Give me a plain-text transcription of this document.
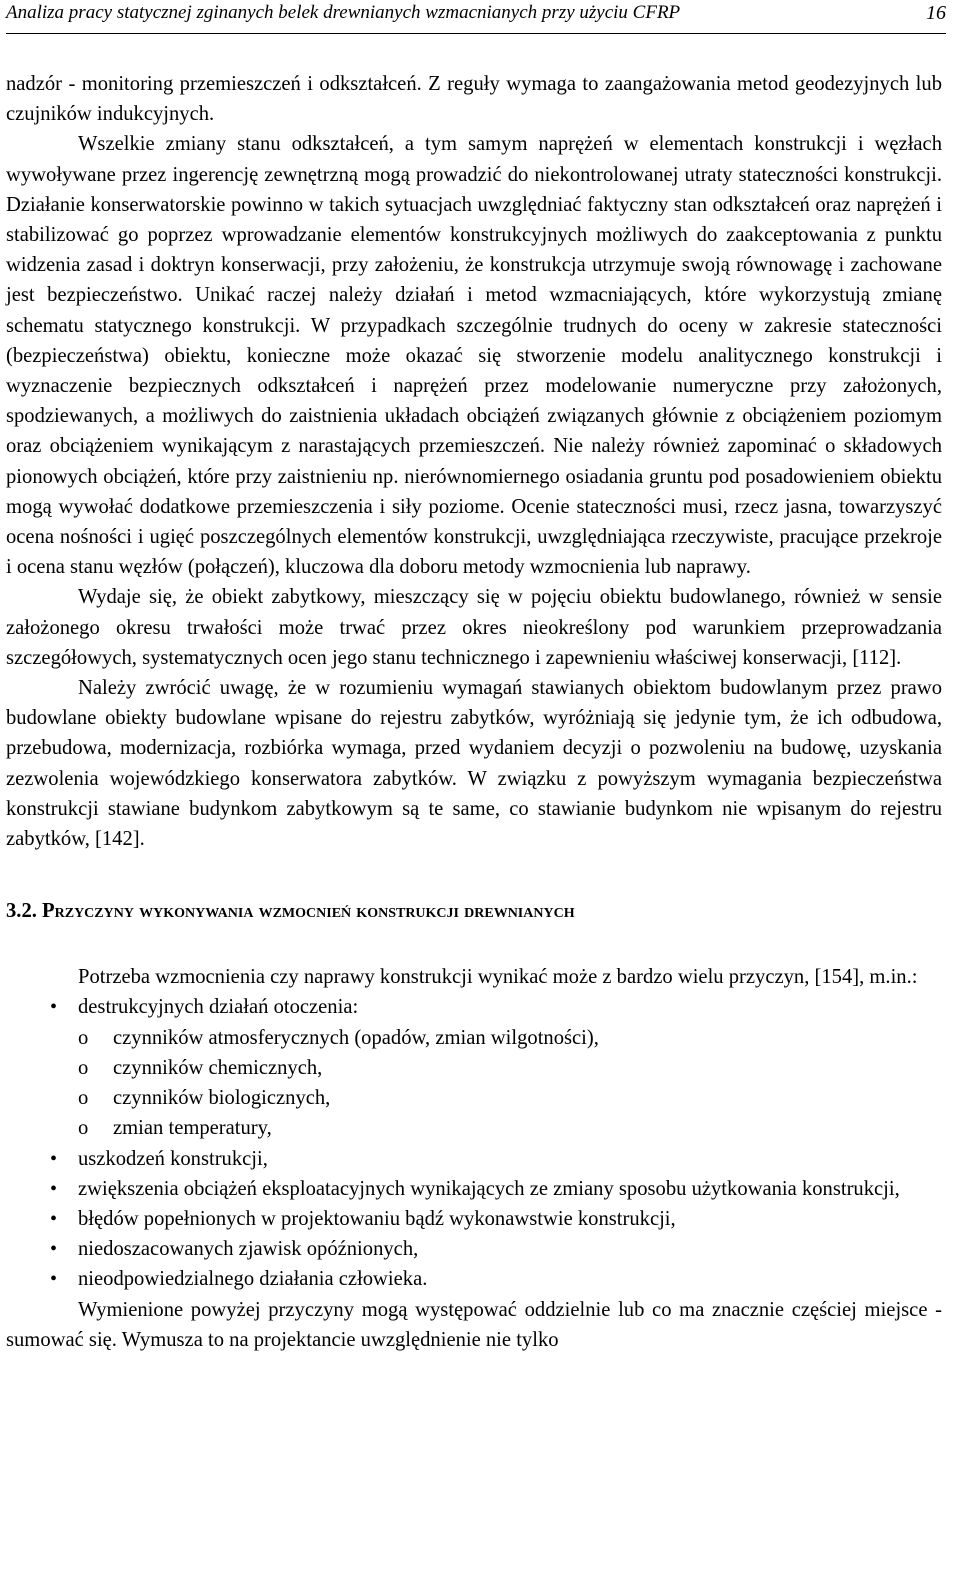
Analiza pracy statycznej zginanych belek drewnianych wzmacnianych przy użyciu CFRP	16

nadzór - monitoring przemieszczeń i odkształceń. Z reguły wymaga to zaangażowania metod geodezyjnych lub czujników indukcyjnych.

Wszelkie zmiany stanu odkształceń, a tym samym naprężeń w elementach konstrukcji i węzłach wywoływane przez ingerencję zewnętrzną mogą prowadzić do niekontrolowanej utraty stateczności konstrukcji. Działanie konserwatorskie powinno w takich sytuacjach uwzględniać faktyczny stan odkształceń oraz naprężeń i stabilizować go poprzez wprowadzanie elementów konstrukcyjnych możliwych do zaakceptowania z punktu widzenia zasad i doktryn konserwacji, przy założeniu, że konstrukcja utrzymuje swoją równowagę i zachowane jest bezpieczeństwo. Unikać raczej należy działań i metod wzmacniających, które wykorzystują zmianę schematu statycznego konstrukcji. W przypadkach szczególnie trudnych do oceny w zakresie stateczności (bezpieczeństwa) obiektu, konieczne może okazać się stworzenie modelu analitycznego konstrukcji i wyznaczenie bezpiecznych odkształceń i naprężeń przez modelowanie numeryczne przy założonych, spodziewanych, a możliwych do zaistnienia układach obciążeń związanych głównie z obciążeniem poziomym oraz obciążeniem wynikającym z narastających przemieszczeń. Nie należy również zapominać o składowych pionowych obciążeń, które przy zaistnieniu np. nierównomiernego osiadania gruntu pod posadowieniem obiektu mogą wywołać dodatkowe przemieszczenia i siły poziome. Ocenie stateczności musi, rzecz jasna, towarzyszyć ocena nośności i ugięć poszczególnych elementów konstrukcji, uwzględniająca rzeczywiste, pracujące przekroje i ocena stanu węzłów (połączeń), kluczowa dla doboru metody wzmocnienia lub naprawy.

Wydaje się, że obiekt zabytkowy, mieszczący się w pojęciu obiektu budowlanego, również w sensie założonego okresu trwałości może trwać przez okres nieokreślony pod warunkiem przeprowadzania szczegółowych, systematycznych ocen jego stanu technicznego i zapewnieniu właściwej konserwacji, [112].

Należy zwrócić uwagę, że w rozumieniu wymagań stawianych obiektom budowlanym przez prawo budowlane obiekty budowlane wpisane do rejestru zabytków, wyróżniają się jedynie tym, że ich odbudowa, przebudowa, modernizacja, rozbiórka wymaga, przed wydaniem decyzji o pozwoleniu na budowę, uzyskania zezwolenia wojewódzkiego konserwatora zabytków. W związku z powyższym wymagania bezpieczeństwa konstrukcji stawiane budynkom zabytkowym są te same, co stawianie budynkom nie wpisanym do rejestru zabytków, [142].

3.2. Przyczyny wykonywania wzmocnień konstrukcji drewnianych

Potrzeba wzmocnienia czy naprawy konstrukcji wynikać może z bardzo wielu przyczyn, [154], m.in.:

• destrukcyjnych działań otoczenia:
o czynników atmosferycznych (opadów, zmian wilgotności),
o czynników chemicznych,
o czynników biologicznych,
o zmian temperatury,
• uszkodzeń konstrukcji,
• zwiększenia obciążeń eksploatacyjnych wynikających ze zmiany sposobu użytkowania konstrukcji,
• błędów popełnionych w projektowaniu bądź wykonawstwie konstrukcji,
• niedoszacowanych zjawisk opóźnionych,
• nieodpowiedzialnego działania człowieka.

Wymienione powyżej przyczyny mogą występować oddzielnie lub co ma znacznie częściej miejsce - sumować się. Wymusza to na projektancie uwzględnienie nie tylko
